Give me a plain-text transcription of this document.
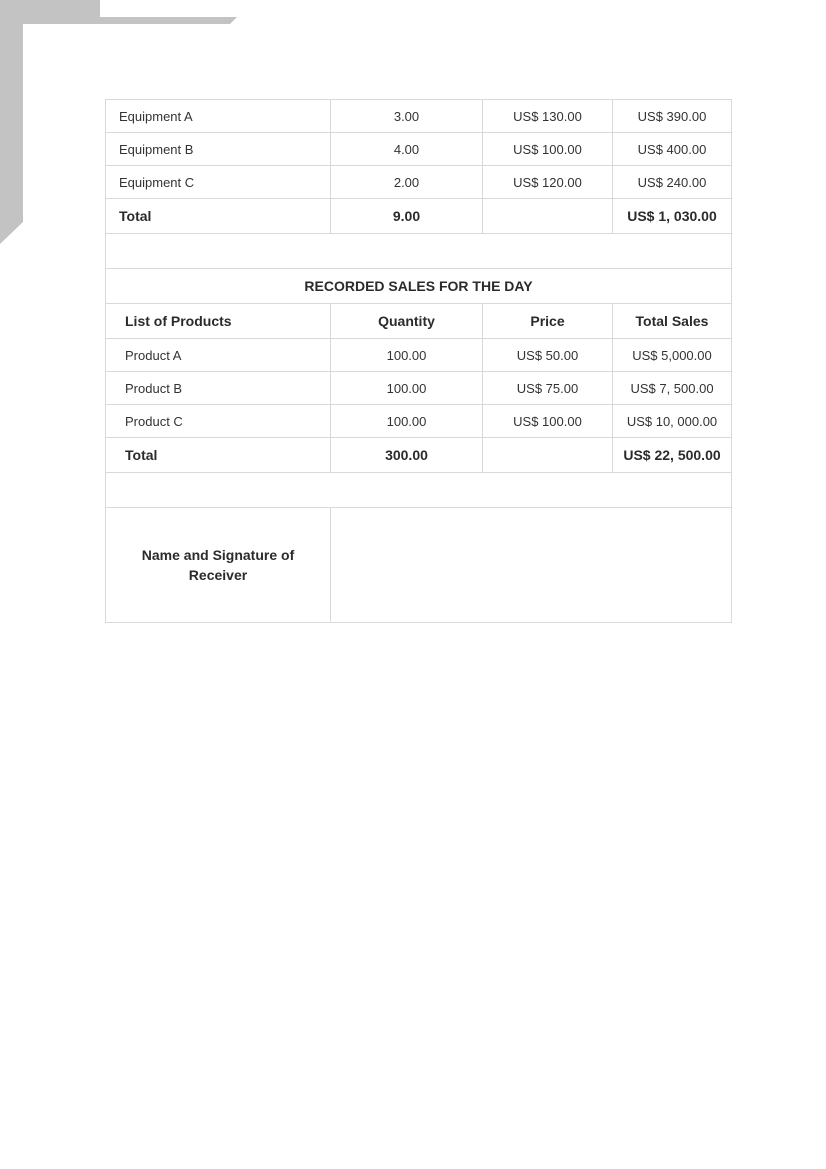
Equipment A	3.00	US$ 130.00	US$ 390.00
Equipment B	4.00	US$ 100.00	US$ 400.00
Equipment C	2.00	US$ 120.00	US$ 240.00
Total	9.00		US$ 1, 030.00

RECORDED SALES FOR THE DAY			
List of Products	Quantity	Price	Total Sales
Product A	100.00	US$ 50.00	US$ 5,000.00
Product B	100.00	US$ 75.00	US$ 7, 500.00
Product C	100.00	US$ 100.00	US$ 10, 000.00
Total	300.00		US$ 22, 500.00

Name and Signature of Receiver			
